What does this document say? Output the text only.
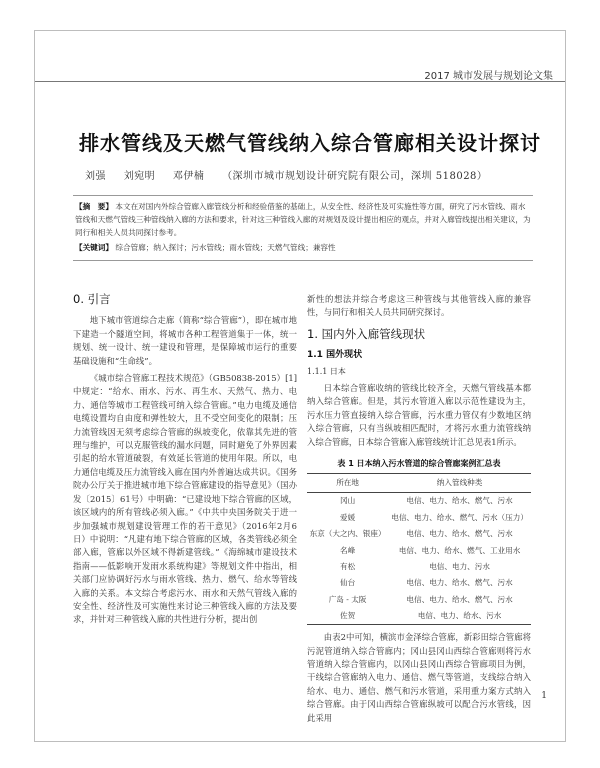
2017 城市发展与规划论文集
排水管线及天燃气管线纳入综合管廊相关设计探讨
刘强 刘宛明 邓伊楠 （深圳市城市规划设计研究院有限公司，深圳 518028）

【摘　要】 本文在对国内外综合管廊入廊管线分析和经验借鉴的基础上，从安全性、经济性及可实施性等方面，研究了污水管线、雨水管线和天燃气管线三种管线纳入廊的方法和要求，针对这三种管线入廊的对规划及设计提出相应的观点，并对入廊管线提出相关建议，为同行和相关人员共同探讨参考。

【关键词】 综合管廊；纳入探讨；污水管线；雨水管线；天燃气管线；兼容性

0. 引言

地下城市管道综合走廊（简称“综合管廊”），即在城市地下建造一个隧道空间，将城市各种工程管道集于一体，统一规划、统一设计、统一建设和管理，是保障城市运行的重要基础设施和“生命线”。

《城市综合管廊工程技术规范》（GB50838-2015）[1]中规定：“给水、雨水、污水、再生水、天然气、热力、电力、通信等城市工程管线可纳入综合管廊。”电力电缆及通信电缆设置均自由度和弹性较大，且不受空间变化的限制；压力流管线因无须考虑综合管廊的纵坡变化，依靠其先进的管理与维护，可以克服管线的漏水问题，同时避免了外界因素引起的给水管道破裂，有效延长管道的使用年限。所以，电力通信电缆及压力流管线入廊在国内外普遍达成共识。《国务院办公厅关于推进城市地下综合管廊建设的指导意见》（国办发〔2015〕61号）中明确：“已建设地下综合管廊的区域，该区域内的所有管线必须入廊。”《中共中央国务院关于进一步加强城市规划建设管理工作的若干意见》（2016年2月6日）中说明：“凡建有地下综合管廊的区域，各类管线必须全部入廊，管廊以外区域不得新建管线。”《海绵城市建设技术指南——低影响开发雨水系统构建》等规划文件中指出，相关部门应协调好污水与雨水管线、热力、燃气、给水等管线入廊的关系。本文综合考虑污水、雨水和天然气管线入廊的安全性、经济性及可实施性来讨论三种管线入廊的方法及要求，并针对三种管线入廊的共性进行分析，提出创

新性的想法并综合考虑这三种管线与其他管线入廊的兼容性，与同行和相关人员共同研究探讨。

1. 国内外入廊管线现状
1.1 国外现状
1.1.1 日本

日本综合管廊收纳的管线比较齐全，天燃气管线基本都纳入综合管廊。但是，其污水管道入廊以示范性建设为主，污水压力管直接纳入综合管廊，污水重力管仅有少数地区纳入综合管廊，只有当纵坡相匹配时，才将污水重力流管线纳入综合管廊，日本综合管廊入廊管线统计汇总见表1所示。

表 1 日本纳入污水管道的综合管廊案例汇总表
所在地	纳入管线种类
冈山	电信、电力、给水、燃气、污水
爱媛	电信、电力、给水、燃气、污水（压力）
东京（大之内、银座）	电信、电力、给水、燃气、污水
名峰	电信、电力、给水、燃气、工业用水
有松	电信、电力、污水
仙台	电信、电力、给水、燃气、污水
广岛 - 太阪	电信、电力、给水、燃气、污水
佐贺	电信、电力、给水、污水

由表2中可知，横滨市金泽综合管廊，新彩田综合管廊将污泥管道纳入综合管廊内；冈山县冈山西综合管廊则将污水管道纳入综合管廊内，以冈山县冈山西综合管廊项目为例，干线综合管廊纳入电力、通信、燃气等管道，支线综合纳入给水、电力、通信、燃气和污水管道，采用重力案方式纳入综合管廊。由于冈山西综合管廊纵坡可以配合污水管线，因此采用

1
